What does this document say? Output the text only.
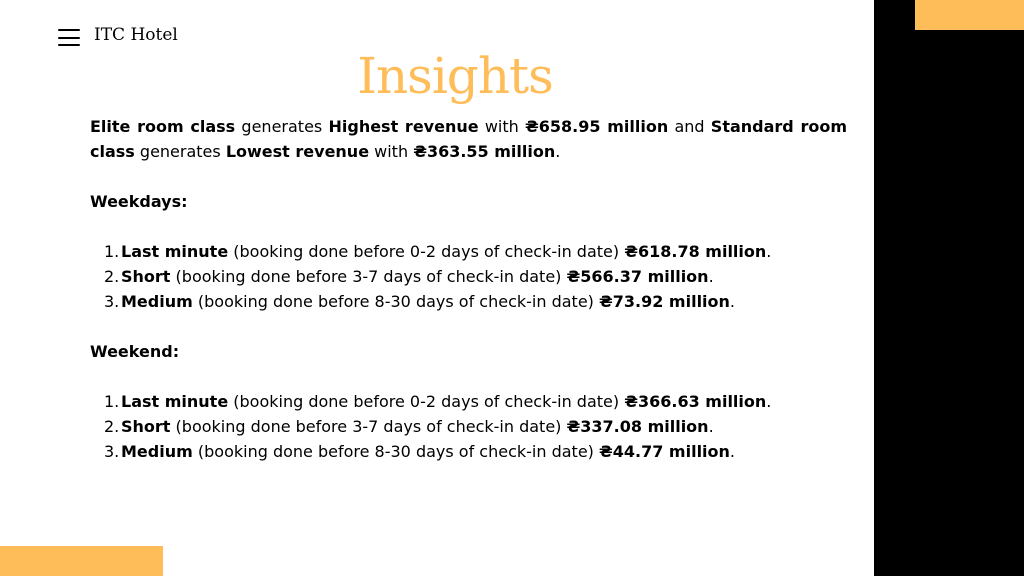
ITC Hotel
Insights

Elite room class generates Highest revenue with ₴658.95 million and Standard room class generates Lowest revenue with ₴363.55 million.

Weekdays:
1. Last minute (booking done before 0-2 days of check-in date) ₴618.78 million.
2. Short (booking done before 3-7 days of check-in date) ₴566.37 million.
3. Medium (booking done before 8-30 days of check-in date) ₴73.92 million.
Weekend:
1. Last minute (booking done before 0-2 days of check-in date) ₴366.63 million.
2. Short (booking done before 3-7 days of check-in date) ₴337.08 million.
3. Medium (booking done before 8-30 days of check-in date) ₴44.77 million.
